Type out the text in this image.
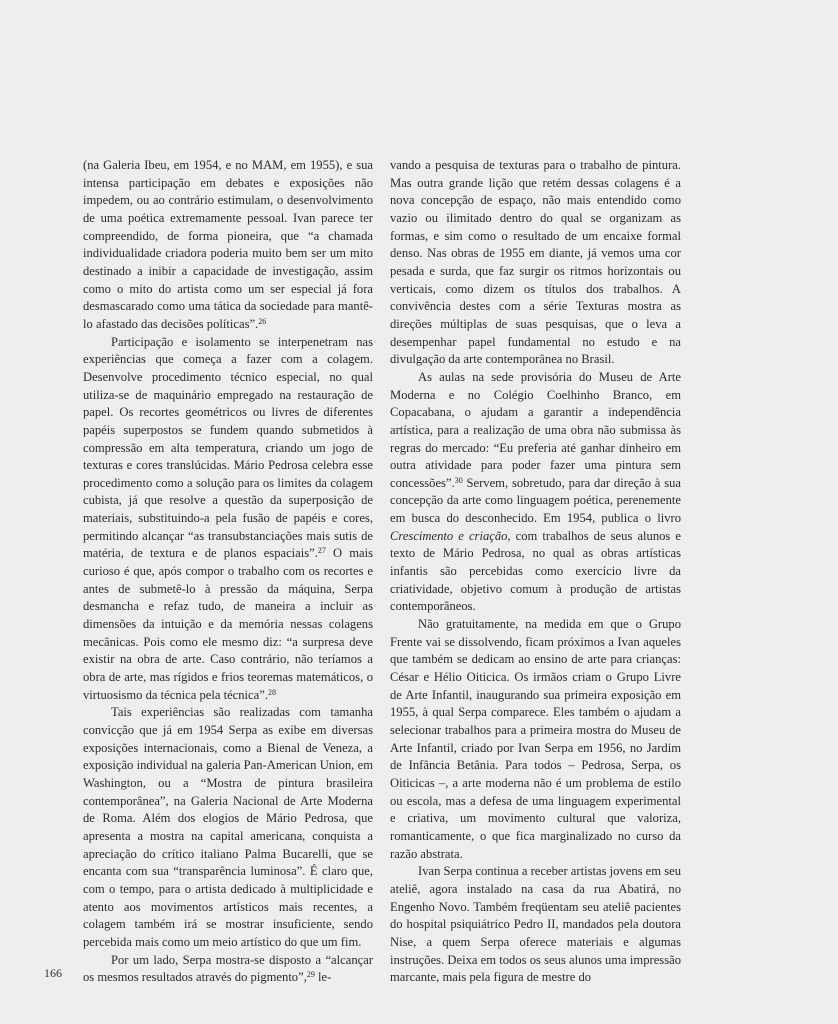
(na Galeria Ibeu, em 1954, e no MAM, em 1955), e sua intensa participação em debates e exposições não impedem, ou ao contrário estimulam, o desenvolvimento de uma poética extremamente pessoal. Ivan parece ter compreendido, de forma pioneira, que “a chamada individualidade criadora poderia muito bem ser um mito destinado a inibir a capacidade de investigação, assim como o mito do artista como um ser especial já fora desmascarado como uma tática da sociedade para mantê-lo afastado das decisões políticas”.$^{26}$

Participação e isolamento se interpenetram nas experiências que começa a fazer com a colagem. Desenvolve procedimento técnico especial, no qual utiliza-se de maquinário empregado na restauração de papel. Os recortes geométricos ou livres de diferentes papéis superpostos se fundem quando submetidos à compressão em alta temperatura, criando um jogo de texturas e cores translúcidas. Mário Pedrosa celebra esse procedimento como a solução para os limites da colagem cubista, já que resolve a questão da superposição de materiais, substituindo-a pela fusão de papéis e cores, permitindo alcançar “as transubstanciações mais sutis de matéria, de textura e de planos espaciais”.$^{27}$ O mais curioso é que, após compor o trabalho com os recortes e antes de submetê-lo à pressão da máquina, Serpa desmancha e refaz tudo, de maneira a incluir as dimensões da intuição e da memória nessas colagens mecânicas. Pois como ele mesmo diz: “a surpresa deve existir na obra de arte. Caso contrário, não teríamos a obra de arte, mas rígidos e frios teoremas matemáticos, o virtuosismo da técnica pela técnica”.$^{28}$

Tais experiências são realizadas com tamanha convicção que já em 1954 Serpa as exibe em diversas exposições internacionais, como a Bienal de Veneza, a exposição individual na galeria Pan-American Union, em Washington, ou a “Mostra de pintura brasileira contemporânea”, na Galeria Nacional de Arte Moderna de Roma. Além dos elogios de Mário Pedrosa, que apresenta a mostra na capital americana, conquista a apreciação do crítico italiano Palma Bucarelli, que se encanta com sua “transparência luminosa”. É claro que, com o tempo, para o artista dedicado à multiplicidade e atento aos movimentos artísticos mais recentes, a colagem também irá se mostrar insuficiente, sendo percebida mais como um meio artístico do que um fim.

Por um lado, Serpa mostra-se disposto a “alcançar os mesmos resultados através do pigmento”,$^{29}$ le-

vando a pesquisa de texturas para o trabalho de pintura. Mas outra grande lição que retém dessas colagens é a nova concepção de espaço, não mais entendido como vazio ou ilimitado dentro do qual se organizam as formas, e sim como o resultado de um encaixe formal denso. Nas obras de 1955 em diante, já vemos uma cor pesada e surda, que faz surgir os ritmos horizontais ou verticais, como dizem os títulos dos trabalhos. A convivência destes com a série Texturas mostra as direções múltiplas de suas pesquisas, que o leva a desempenhar papel fundamental no estudo e na divulgação da arte contemporânea no Brasil.

As aulas na sede provisória do Museu de Arte Moderna e no Colégio Coelhinho Branco, em Copacabana, o ajudam a garantir a independência artística, para a realização de uma obra não submissa às regras do mercado: “Eu preferia até ganhar dinheiro em outra atividade para poder fazer uma pintura sem concessões”.$^{30}$ Servem, sobretudo, para dar direção à sua concepção da arte como linguagem poética, perenemente em busca do desconhecido. Em 1954, publica o livro Crescimento e criação, com trabalhos de seus alunos e texto de Mário Pedrosa, no qual as obras artísticas infantis são percebidas como exercício livre da criatividade, objetivo comum à produção de artistas contemporâneos.

Não gratuitamente, na medida em que o Grupo Frente vai se dissolvendo, ficam próximos a Ivan aqueles que também se dedicam ao ensino de arte para crianças: César e Hélio Oiticica. Os irmãos criam o Grupo Livre de Arte Infantil, inaugurando sua primeira exposição em 1955, à qual Serpa comparece. Eles também o ajudam a selecionar trabalhos para a primeira mostra do Museu de Arte Infantil, criado por Ivan Serpa em 1956, no Jardim de Infância Betânia. Para todos – Pedrosa, Serpa, os Oiticicas –, a arte moderna não é um problema de estilo ou escola, mas a defesa de uma linguagem experimental e criativa, um movimento cultural que valoriza, romanticamente, o que fica marginalizado no curso da razão abstrata.

Ivan Serpa continua a receber artistas jovens em seu ateliê, agora instalado na casa da rua Abatirá, no Engenho Novo. Também freqüentam seu ateliê pacientes do hospital psiquiátrico Pedro II, mandados pela doutora Nise, a quem Serpa oferece materiais e algumas instruções. Deixa em todos os seus alunos uma impressão marcante, mais pela figura de mestre do

166
